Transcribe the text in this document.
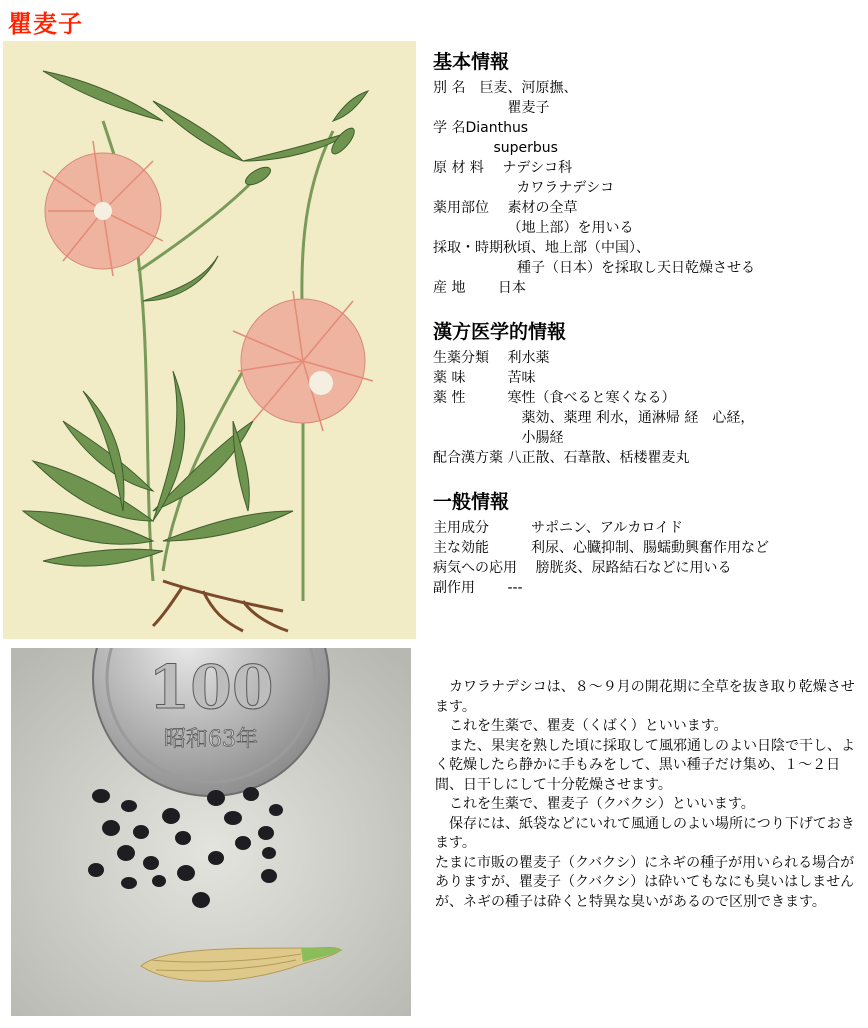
瞿麦子
100
昭和63年
基本情報
別 名　 巨麦、河原撫、
　　瞿麦子
学 名 Dianthus
　　superbus
原 材 料　 ナデシコ科
　カワラナデシコ
薬用部位　 素材の全草
（地上部）を用いる
採取・時期 秋頃、地上部（中国）、
　種子（日本）を採取し天日乾燥させる
産 地　　 日本
漢方医学的情報
生薬分類　 利水薬
薬 味　　　 苦味
薬 性　　　 寒性（食べると寒くなる）
　薬効、薬理 利水，通淋帰 経　心経，
　小腸経
配合漢方薬 八正散、石葦散、栝楼瞿麦丸
一般情報
主用成分　　　 サポニン、アルカロイド
主な効能　　　 利尿、心臓抑制、腸蠕動興奮作用など
病気への応用　 膀胱炎、尿路結石などに用いる
副作用　　 ---

カワラナデシコは、８～９月の開花期に全草を抜き取り乾燥させます。

これを生薬で、瞿麦（くばく）といいます。

また、果実を熟した頃に採取して風邪通しのよい日陰で干し、よく乾燥したら静かに手もみをして、黒い種子だけ集め、１～２日間、日干しにして十分乾燥させます。

これを生薬で、瞿麦子（クバクシ）といいます。

保存には、紙袋などにいれて風通しのよい場所につり下げておきます。

たまに市販の瞿麦子（クバクシ）にネギの種子が用いられる場合がありますが、瞿麦子（クバクシ）は砕いてもなにも臭いはしませんが、ネギの種子は砕くと特異な臭いがあるので区別できます。
